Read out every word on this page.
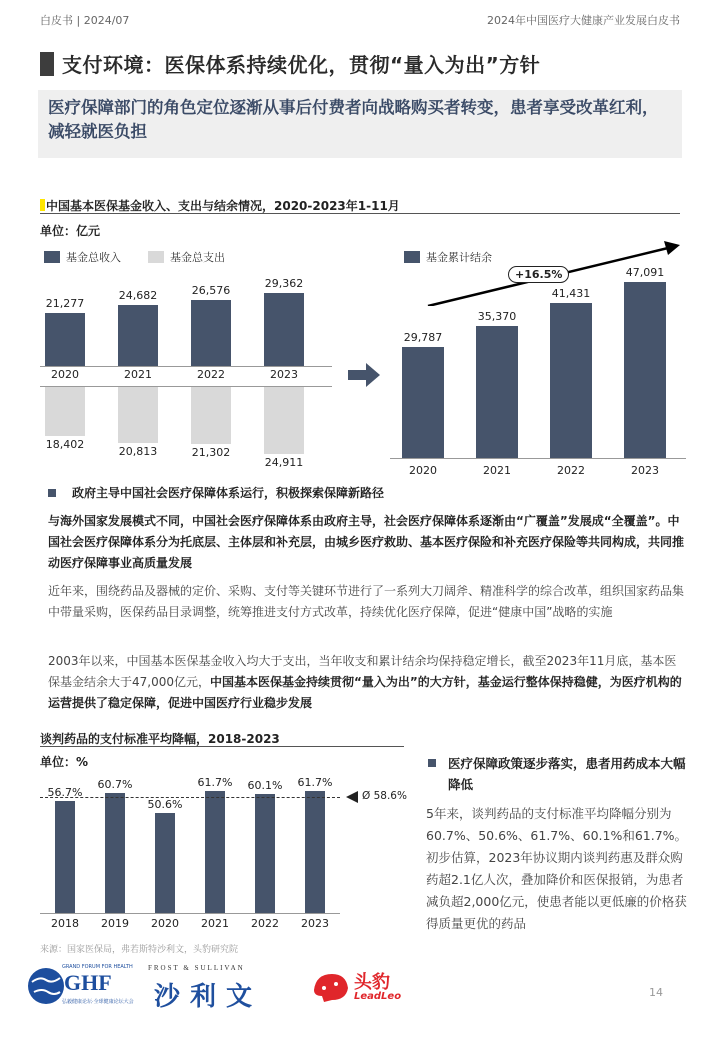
白皮书 | 2024/07	2024年中国医疗大健康产业发展白皮书
支付环境：医保体系持续优化，贯彻“量入为出”方针
医疗保障部门的角色定位逐渐从事后付费者向战略购买者转变，患者享受改革红利，减轻就医负担
中国基本医保基金收入、支出与结余情况，2020-2023年1-11月
单位：亿元
基金总收入	基金总支出	基金累计结余
21,277
2020
18,402
24,682
2021
20,813
26,576
2022
21,302
29,362
2023
24,911
29,787
2020
35,370
2021
41,431
2022
47,091
2023
+16.5%
政府主导中国社会医疗保障体系运行，积极探索保障新路径
与海外国家发展模式不同，中国社会医疗保障体系由政府主导，社会医疗保障体系逐渐由“广覆盖”发展成“全覆盖”。中国社会医疗保障体系分为托底层、主体层和补充层，由城乡医疗救助、基本医疗保险和补充医疗保险等共同构成，共同推动医疗保障事业高质量发展
近年来，围绕药品及器械的定价、采购、支付等关键环节进行了一系列大刀阔斧、精准科学的综合改革，组织国家药品集中带量采购，医保药品目录调整，统筹推进支付方式改革，持续优化医疗保障，促进“健康中国”战略的实施
2003年以来，中国基本医保基金收入均大于支出，当年收支和累计结余均保持稳定增长，截至2023年11月底，基本医保基金结余大于47,000亿元，中国基本医保基金持续贯彻“量入为出”的大方针，基金运行整体保持稳健，为医疗机构的运营提供了稳定保障，促进中国医疗行业稳步发展
谈判药品的支付标准平均降幅，2018-2023
单位：%
56.7%
2018
60.7%
2019
50.6%
2020
61.7%
2021
60.1%
2022
61.7%
2023
Ø 58.6%
医疗保障政策逐步落实，患者用药成本大幅降低
5年来，谈判药品的支付标准平均降幅分别为60.7%、50.6%、61.7%、60.1%和61.7%。初步估算，2023年协议期内谈判药惠及群众购药超2.1亿人次，叠加降价和医保报销，为患者减负超2,000亿元，使患者能以更低廉的价格获得质量更优的药品
来源：国家医保局，弗若斯特沙利文，头豹研究院
GRAND FORUM FOR HEALTH
GHF
弘毅健康论坛·全球健康论坛大会
FROST & SULLIVAN
沙利文	头豹
LeadLeo	14
